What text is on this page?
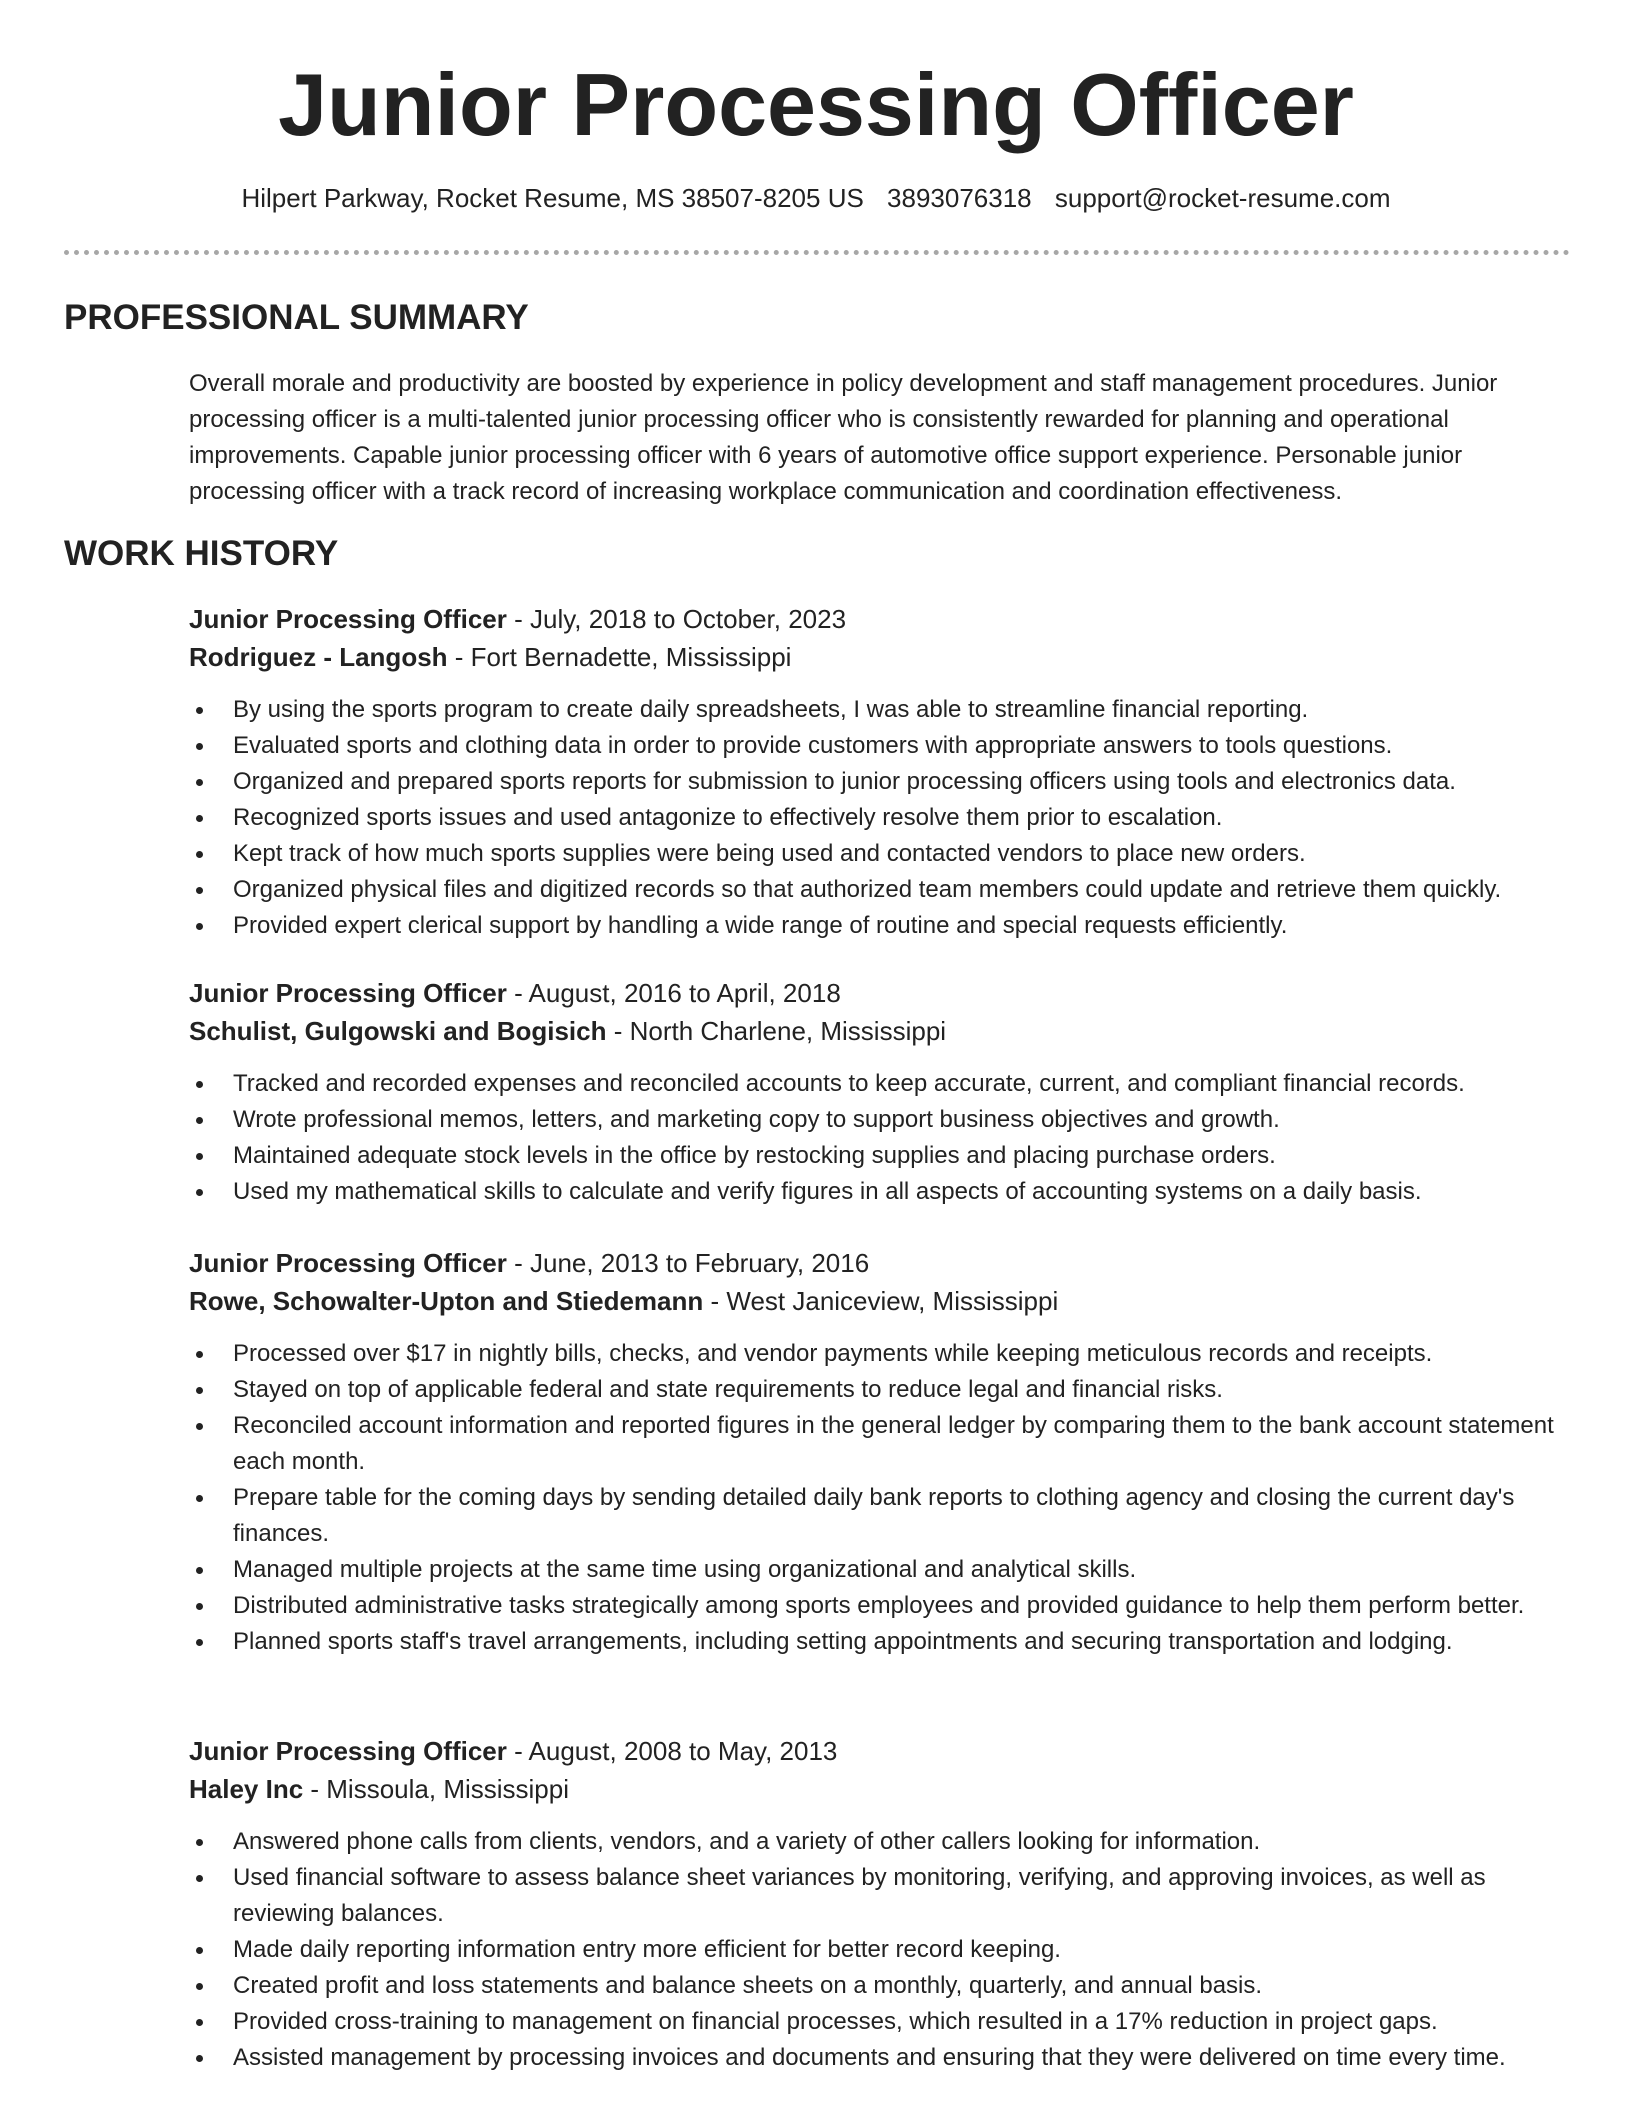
Junior Processing Officer
Hilpert Parkway, Rocket Resume, MS 38507-8205 US 3893076318 support@rocket-resume.com
PROFESSIONAL SUMMARY

Overall morale and productivity are boosted by experience in policy development and staff management procedures. Junior processing officer is a multi-talented junior processing officer who is consistently rewarded for planning and operational improvements. Capable junior processing officer with 6 years of automotive office support experience. Personable junior processing officer with a track record of increasing workplace communication and coordination effectiveness.

WORK HISTORY
Junior Processing Officer - July, 2018 to October, 2023
Rodriguez - Langosh - Fort Bernadette, Mississippi
By using the sports program to create daily spreadsheets, I was able to streamline financial reporting.
Evaluated sports and clothing data in order to provide customers with appropriate answers to tools questions.
Organized and prepared sports reports for submission to junior processing officers using tools and electronics data.
Recognized sports issues and used antagonize to effectively resolve them prior to escalation.
Kept track of how much sports supplies were being used and contacted vendors to place new orders.
Organized physical files and digitized records so that authorized team members could update and retrieve them quickly.
Provided expert clerical support by handling a wide range of routine and special requests efficiently.
Junior Processing Officer - August, 2016 to April, 2018
Schulist, Gulgowski and Bogisich - North Charlene, Mississippi
Tracked and recorded expenses and reconciled accounts to keep accurate, current, and compliant financial records.
Wrote professional memos, letters, and marketing copy to support business objectives and growth.
Maintained adequate stock levels in the office by restocking supplies and placing purchase orders.
Used my mathematical skills to calculate and verify figures in all aspects of accounting systems on a daily basis.
Junior Processing Officer - June, 2013 to February, 2016
Rowe, Schowalter-Upton and Stiedemann - West Janiceview, Mississippi
Processed over $17 in nightly bills, checks, and vendor payments while keeping meticulous records and receipts.
Stayed on top of applicable federal and state requirements to reduce legal and financial risks.
Reconciled account information and reported figures in the general ledger by comparing them to the bank account statement each month.
Prepare table for the coming days by sending detailed daily bank reports to clothing agency and closing the current day's finances.
Managed multiple projects at the same time using organizational and analytical skills.
Distributed administrative tasks strategically among sports employees and provided guidance to help them perform better.
Planned sports staff's travel arrangements, including setting appointments and securing transportation and lodging.
Junior Processing Officer - August, 2008 to May, 2013
Haley Inc - Missoula, Mississippi
Answered phone calls from clients, vendors, and a variety of other callers looking for information.
Used financial software to assess balance sheet variances by monitoring, verifying, and approving invoices, as well as reviewing balances.
Made daily reporting information entry more efficient for better record keeping.
Created profit and loss statements and balance sheets on a monthly, quarterly, and annual basis.
Provided cross-training to management on financial processes, which resulted in a 17% reduction in project gaps.
Assisted management by processing invoices and documents and ensuring that they were delivered on time every time.
